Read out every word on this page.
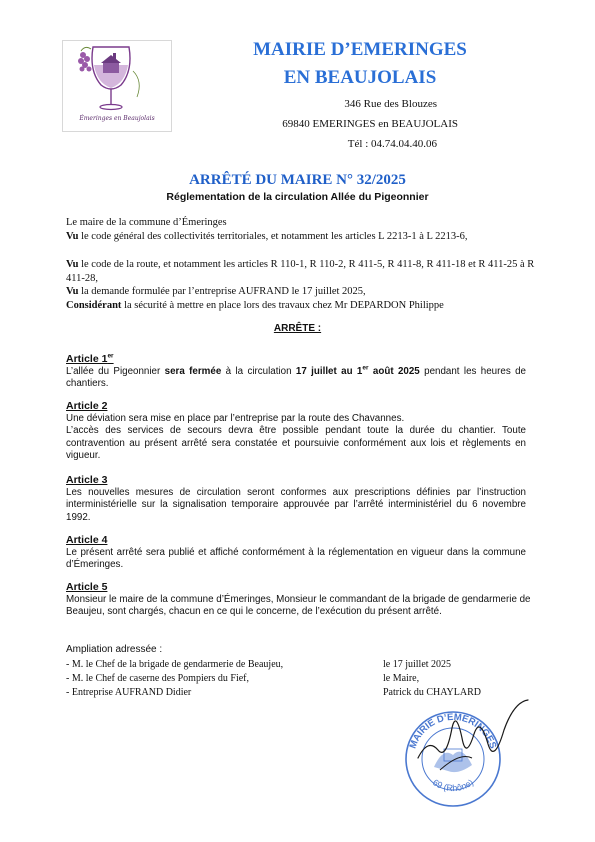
Émeringes en Beaujolais
MAIRIE D’EMERINGES
EN BEAUJOLAIS
346 Rue des Blouzes
69840 EMERINGES en BEAUJOLAIS
Tél : 04.74.04.40.06
ARRÊTÉ DU MAIRE N° 32/2025
Réglementation de la circulation Allée du Pigeonnier
Le maire de la commune d’Émeringes
Vu le code général des collectivités territoriales, et notamment les articles L 2213-1 à L 2213-6,
Vu le code de la route, et notamment les articles R 110-1, R 110-2, R 411-5, R 411-8, R 411-18 et R 411-25 à R 411-28,
Vu la demande formulée par l’entreprise AUFRAND le 17 juillet 2025,
Considérant la sécurité à mettre en place lors des travaux chez Mr DEPARDON Philippe
ARRÊTE :
Article 1er
L’allée du Pigeonnier sera fermée à la circulation 17 juillet au 1er août 2025 pendant les heures de chantiers.
Article 2
Une déviation sera mise en place par l’entreprise par la route des Chavannes.
L’accès des services de secours devra être possible pendant toute la durée du chantier. Toute contravention au présent arrêté sera constatée et poursuivie conformément aux lois et règlements en vigueur.
Article 3
Les nouvelles mesures de circulation seront conformes aux prescriptions définies par l’instruction interministérielle sur la signalisation temporaire approuvée par l’arrêté interministériel du 6 novembre 1992.
Article 4
Le présent arrêté sera publié et affiché conformément à la réglementation en vigueur dans la commune d’Émeringes.
Article 5
Monsieur le maire de la commune d’Émeringes, Monsieur le commandant de la brigade de gendarmerie de Beaujeu, sont chargés, chacun en ce qui le concerne, de l’exécution du présent arrêté.
Ampliation adressée :
- M. le Chef de la brigade de gendarmerie de Beaujeu,
- M. le Chef de caserne des Pompiers du Fief,
- Entreprise AUFRAND Didier
le 17 juillet 2025
le Maire,
Patrick du CHAYLARD
MAIRIE D’EMERINGES
69 (Rhône)
